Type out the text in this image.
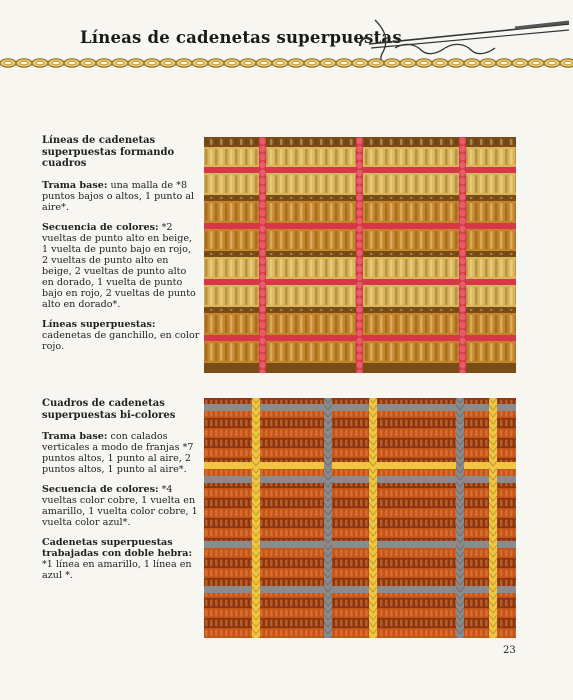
Líneas de cadenetas superpuestas

Líneas de cadenetas superpuestas formando cuadros

Trama base: una malla de *8 puntos bajos o altos, 1 punto al aire*.

Secuencia de colores: *2 vueltas de punto alto en beige, 1 vuelta de punto bajo en rojo, 2 vueltas de punto alto en beige, 2 vueltas de punto alto en dorado, 1 vuelta de punto bajo en rojo, 2 vueltas de punto alto en dorado*.

Líneas superpuestas: cadenetas de ganchillo, en color rojo.

Cuadros de cadenetas superpuestas bi-colores

Trama base: con calados verticales a modo de franjas *7 puntos altos, 1 punto al aire, 2 puntos altos, 1 punto al aire*.

Secuencia de colores: *4 vueltas color cobre, 1 vuelta en amarillo, 1 vuelta color cobre, 1 vuelta color azul*.

Cadenetas superpuestas trabajadas con doble hebra:
*1 línea en amarillo, 1 línea en azul *.

23
